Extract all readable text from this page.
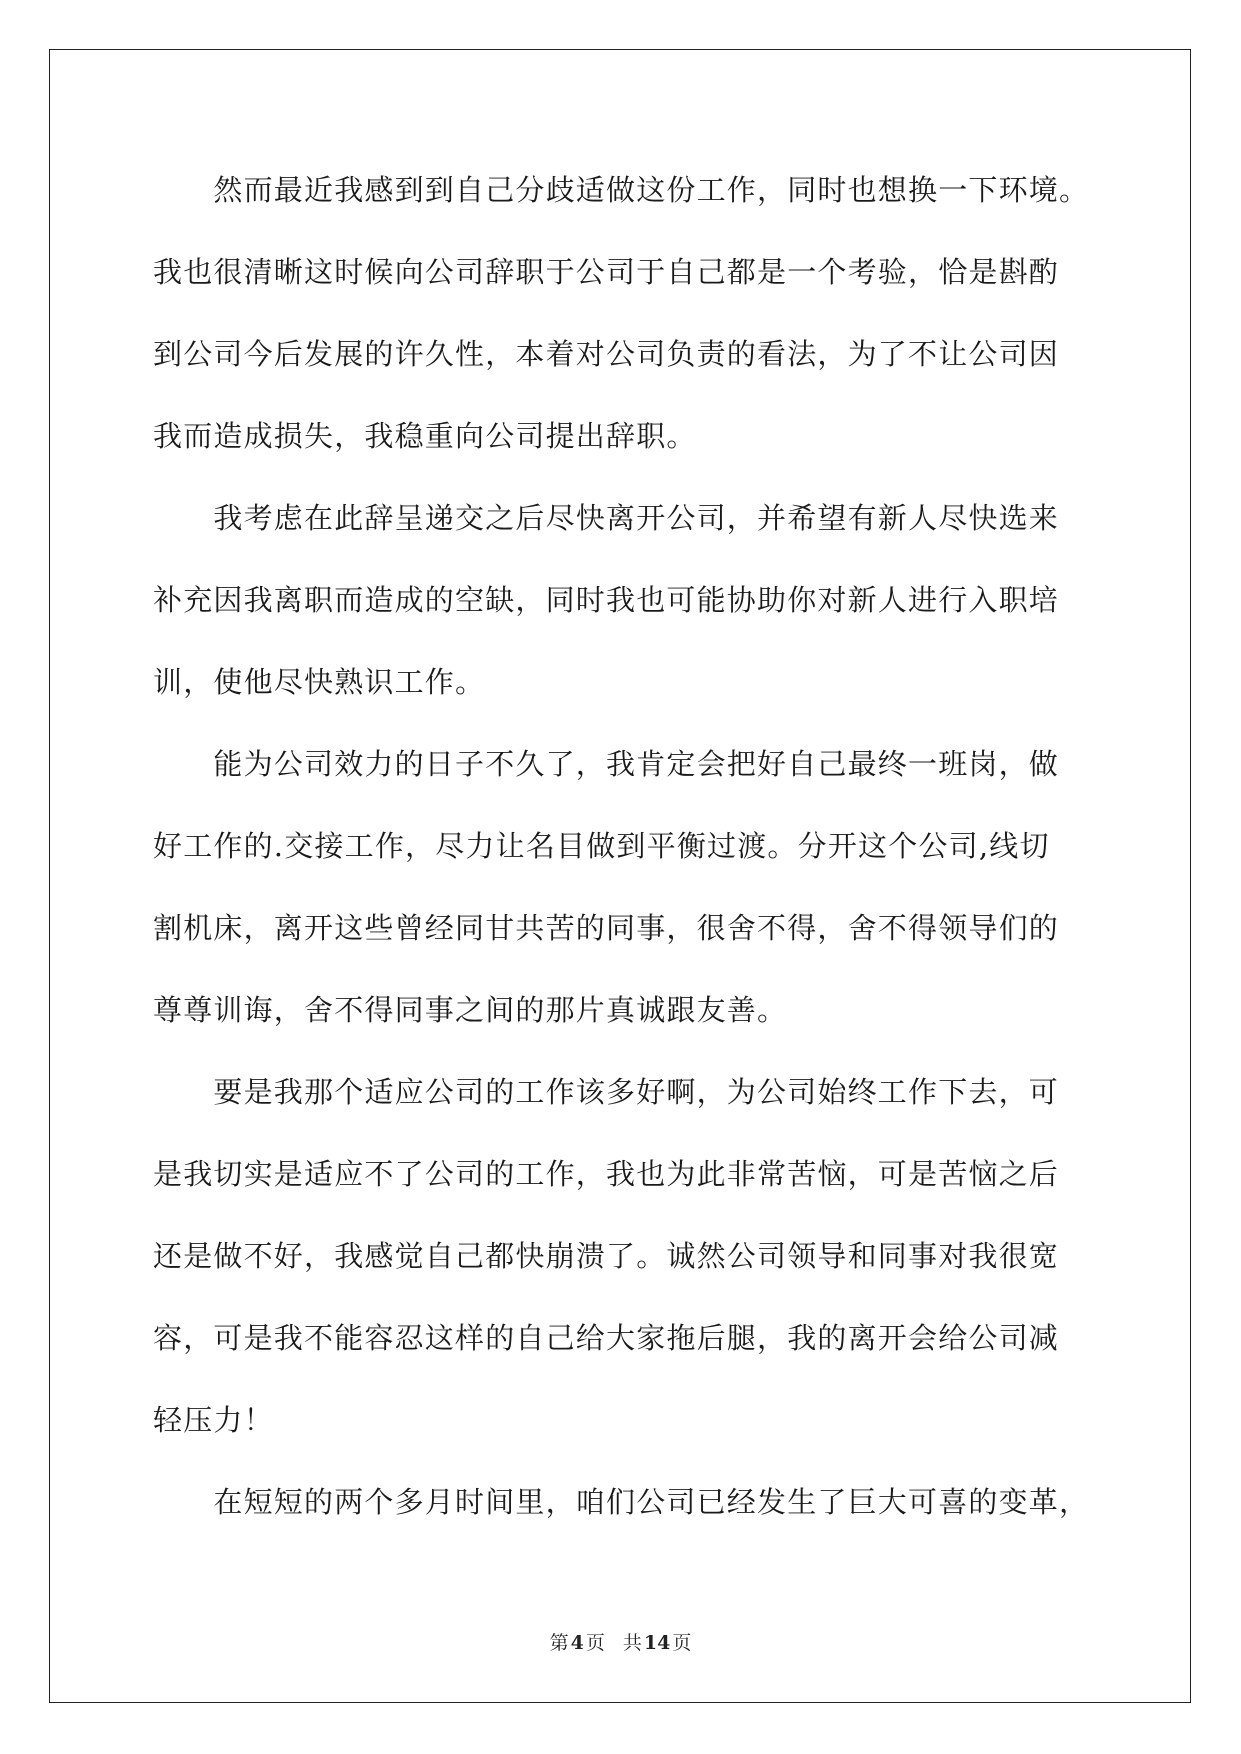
　　然而最近我感到到自己分歧适做这份工作，同时也想换一下环境。
我也很清晰这时候向公司辞职于公司于自己都是一个考验，恰是斟酌
到公司今后发展的许久性，本着对公司负责的看法，为了不让公司因
我而造成损失，我稳重向公司提出辞职。
　　我考虑在此辞呈递交之后尽快离开公司，并希望有新人尽快选来
补充因我离职而造成的空缺，同时我也可能协助你对新人进行入职培
训，使他尽快熟识工作。
　　能为公司效力的日子不久了，我肯定会把好自己最终一班岗，做
好工作的.交接工作，尽力让名目做到平衡过渡。分开这个公司,线切
割机床，离开这些曾经同甘共苦的同事，很舍不得，舍不得领导们的
尊尊训诲，舍不得同事之间的那片真诚跟友善。
　　要是我那个适应公司的工作该多好啊，为公司始终工作下去，可
是我切实是适应不了公司的工作，我也为此非常苦恼，可是苦恼之后
还是做不好，我感觉自己都快崩溃了。诚然公司领导和同事对我很宽
容，可是我不能容忍这样的自己给大家拖后腿，我的离开会给公司减
轻压力！
　　在短短的两个多月时间里，咱们公司已经发生了巨大可喜的变革，
第 4 页 共 14 页
